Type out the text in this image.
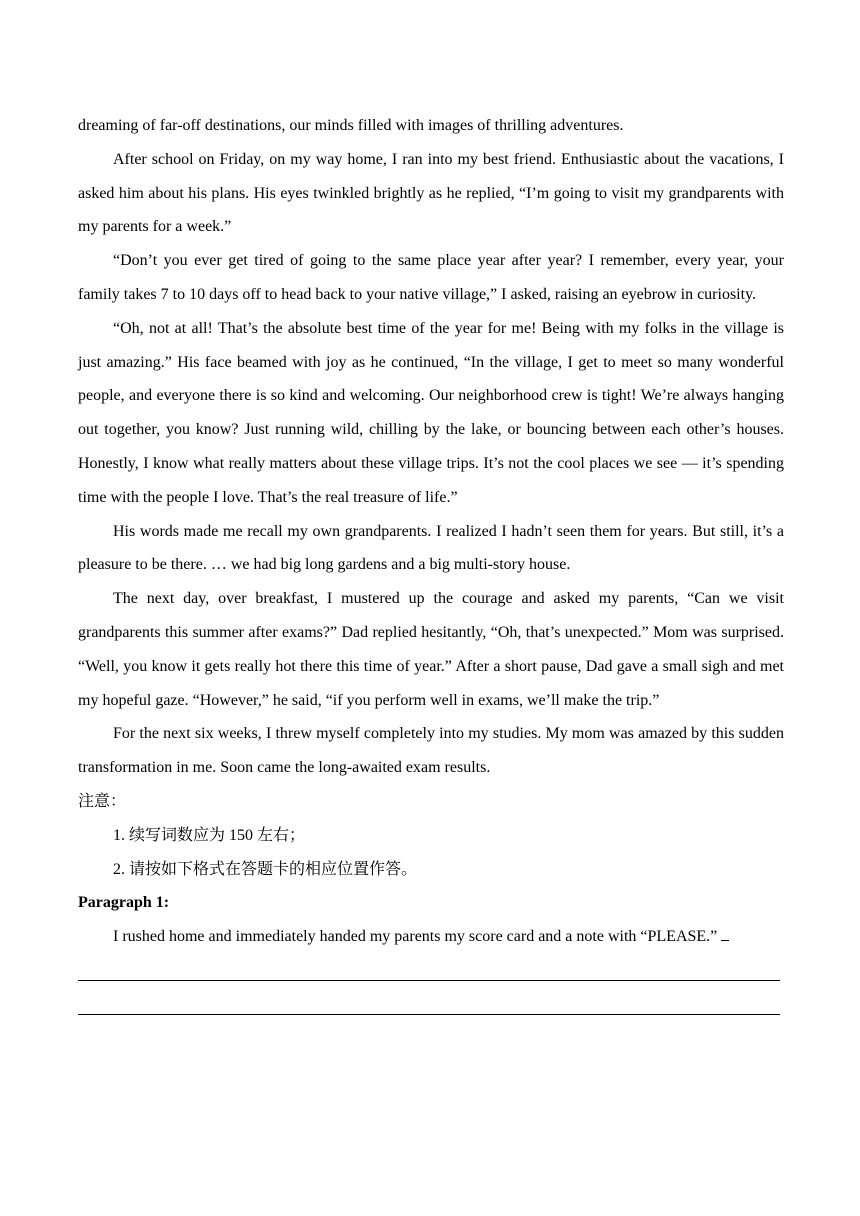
dreaming of far-off destinations, our minds filled with images of thrilling adventures.

After school on Friday, on my way home, I ran into my best friend. Enthusiastic about the vacations, I asked him about his plans. His eyes twinkled brightly as he replied, “I’m going to visit my grandparents with my parents for a week.”

“Don’t you ever get tired of going to the same place year after year? I remember, every year, your family takes 7 to 10 days off to head back to your native village,” I asked, raising an eyebrow in curiosity.

“Oh, not at all! That’s the absolute best time of the year for me! Being with my folks in the village is just amazing.” His face beamed with joy as he continued, “In the village, I get to meet so many wonderful people, and everyone there is so kind and welcoming. Our neighborhood crew is tight! We’re always hanging out together, you know? Just running wild, chilling by the lake, or bouncing between each other’s houses. Honestly, I know what really matters about these village trips. It’s not the cool places we see — it’s spending time with the people I love. That’s the real treasure of life.”

His words made me recall my own grandparents. I realized I hadn’t seen them for years. But still, it’s a pleasure to be there. … we had big long gardens and a big multi-story house.

The next day, over breakfast, I mustered up the courage and asked my parents, “Can we visit grandparents this summer after exams?” Dad replied hesitantly, “Oh, that’s unexpected.” Mom was surprised. “Well, you know it gets really hot there this time of year.” After a short pause, Dad gave a small sigh and met my hopeful gaze. “However,” he said, “if you perform well in exams, we’ll make the trip.”

For the next six weeks, I threw myself completely into my studies. My mom was amazed by this sudden transformation in me. Soon came the long-awaited exam results.

注意：

1. 续写词数应为 150 左右；

2. 请按如下格式在答题卡的相应位置作答。

Paragraph 1:

I rushed home and immediately handed my parents my score card and a note with “PLEASE.”
